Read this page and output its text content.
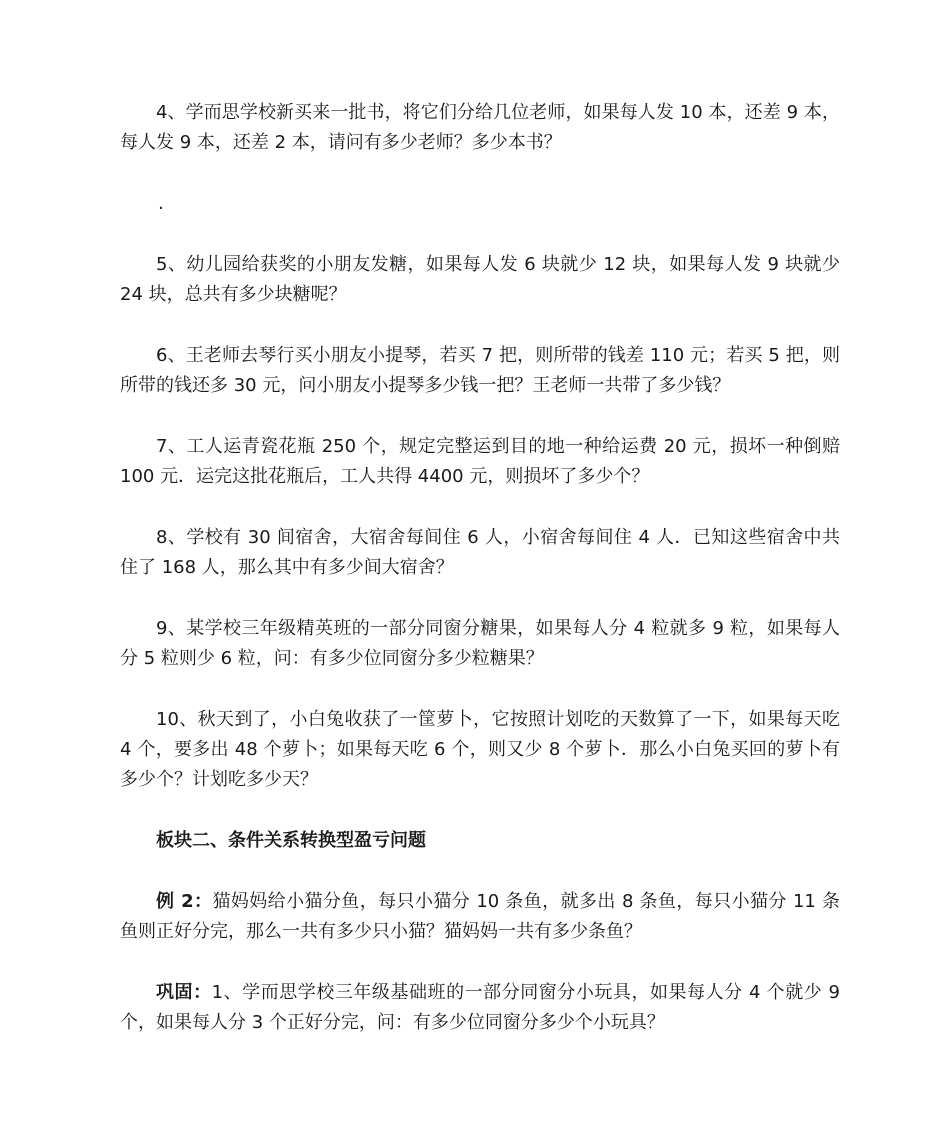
4、学而思学校新买来一批书，将它们分给几位老师，如果每人发 10 本，还差 9 本，每人发 9 本，还差 2 本，请问有多少老师？多少本书？

.

5、幼儿园给获奖的小朋友发糖，如果每人发 6 块就少 12 块，如果每人发 9 块就少 24 块，总共有多少块糖呢？

6、王老师去琴行买小朋友小提琴，若买 7 把，则所带的钱差 110 元；若买 5 把，则所带的钱还多 30 元，问小朋友小提琴多少钱一把？王老师一共带了多少钱？

7、工人运青瓷花瓶 250 个，规定完整运到目的地一种给运费 20 元，损坏一种倒赔 100 元．运完这批花瓶后，工人共得 4400 元，则损坏了多少个？

8、学校有 30 间宿舍，大宿舍每间住 6 人，小宿舍每间住 4 人．已知这些宿舍中共住了 168 人，那么其中有多少间大宿舍？

9、某学校三年级精英班的一部分同窗分糖果，如果每人分 4 粒就多 9 粒，如果每人分 5 粒则少 6 粒，问：有多少位同窗分多少粒糖果？

10、秋天到了，小白兔收获了一筐萝卜，它按照计划吃的天数算了一下，如果每天吃 4 个，要多出 48 个萝卜；如果每天吃 6 个，则又少 8 个萝卜．那么小白兔买回的萝卜有多少个？计划吃多少天？

板块二、条件关系转换型盈亏问题

例 2：猫妈妈给小猫分鱼，每只小猫分 10 条鱼，就多出 8 条鱼，每只小猫分 11 条鱼则正好分完，那么一共有多少只小猫？猫妈妈一共有多少条鱼？

巩固：1、学而思学校三年级基础班的一部分同窗分小玩具，如果每人分 4 个就少 9 个，如果每人分 3 个正好分完，问：有多少位同窗分多少个小玩具？
